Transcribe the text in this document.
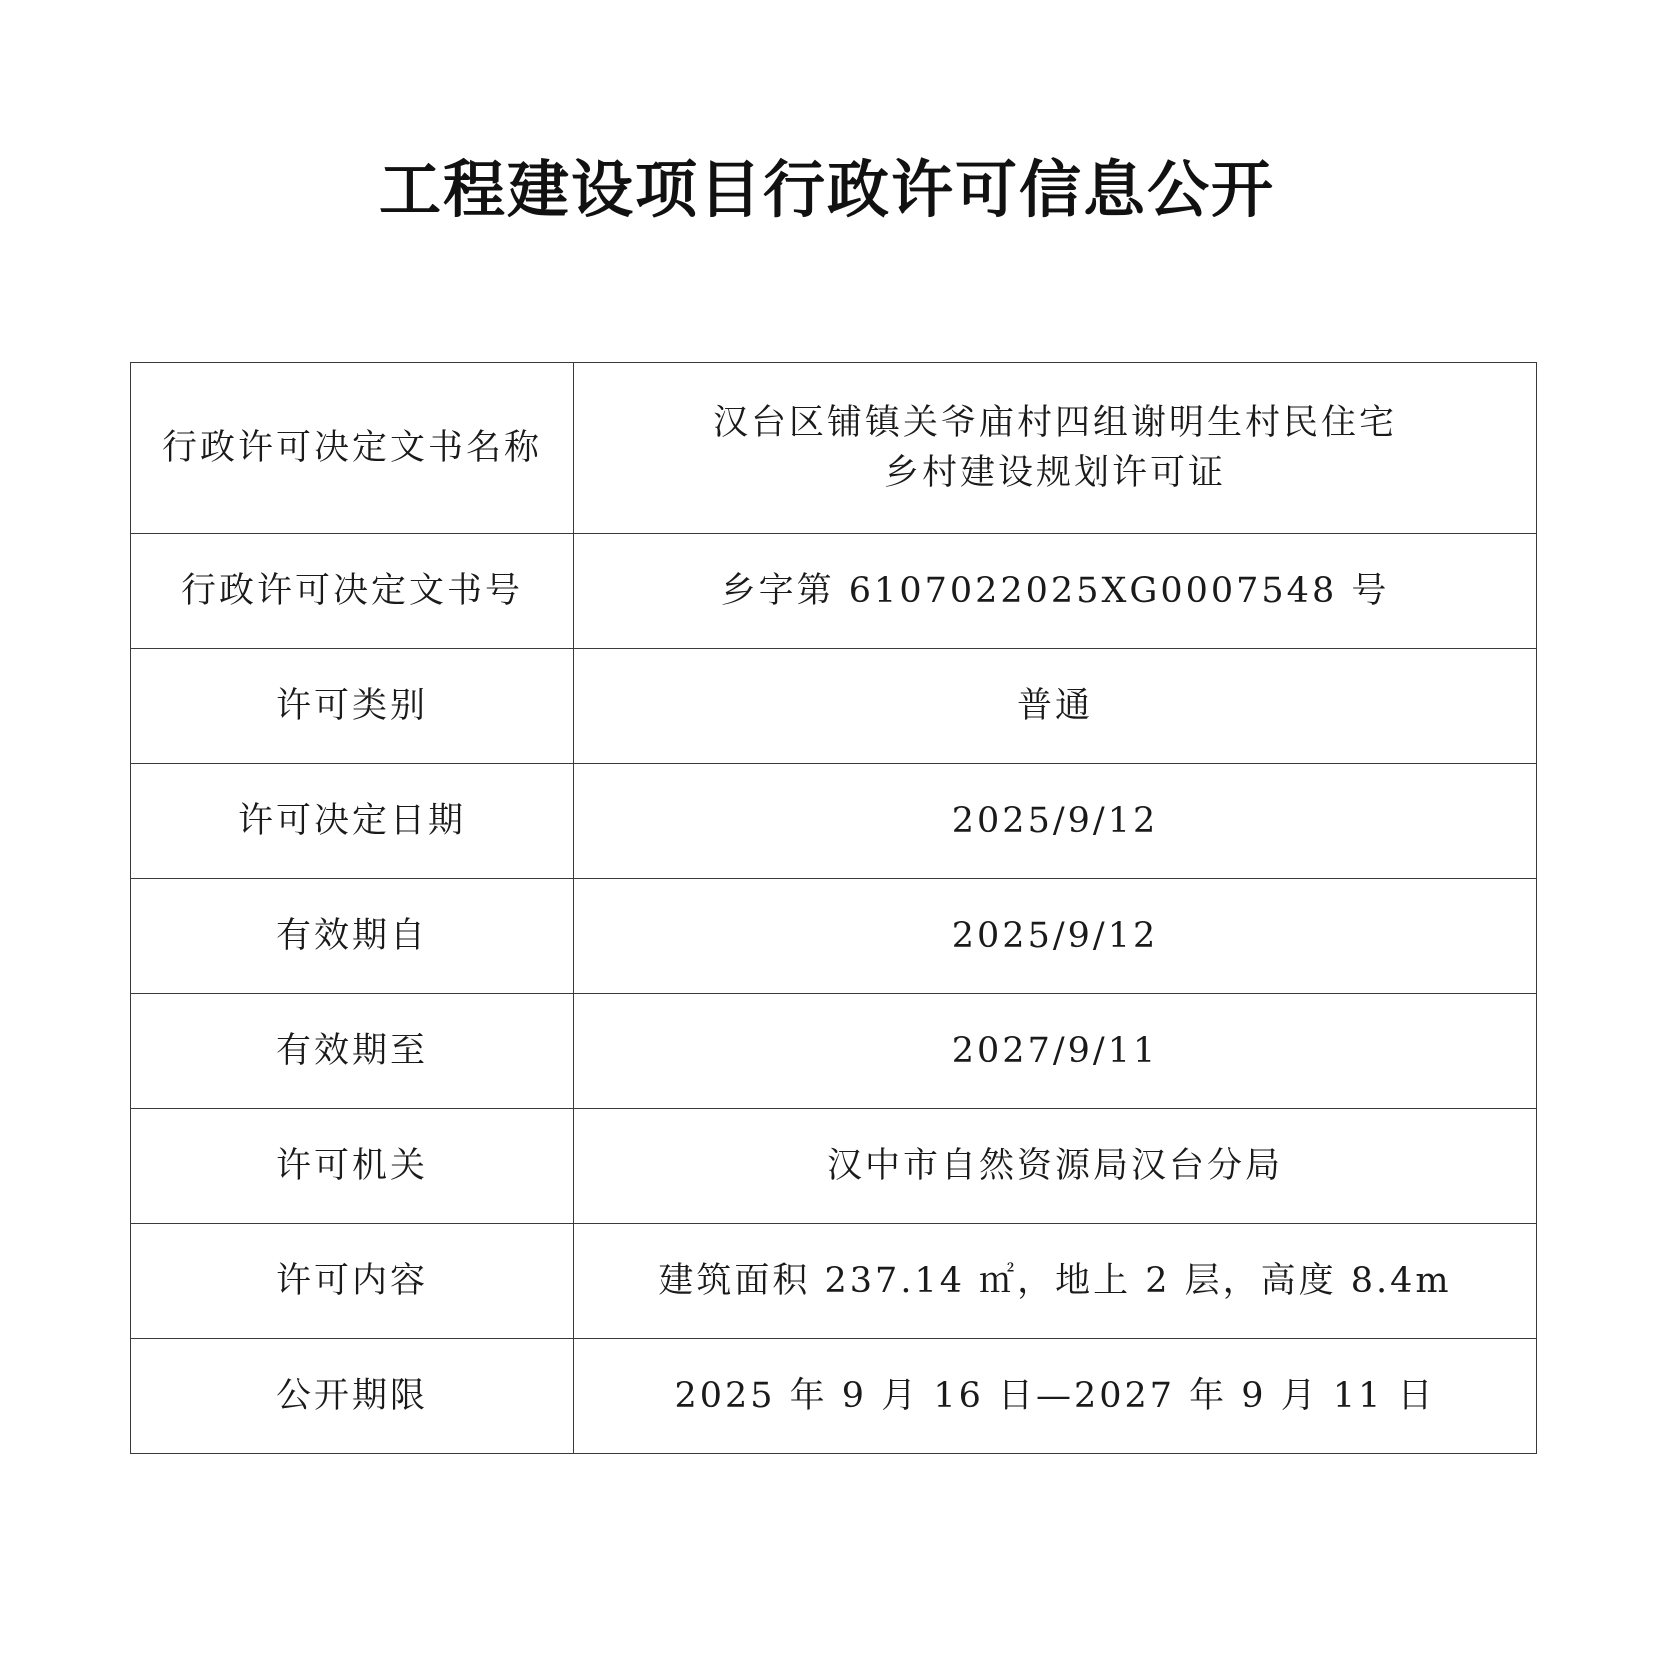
工程建设项目行政许可信息公开
行政许可决定文书名称	汉台区铺镇关爷庙村四组谢明生村民住宅
乡村建设规划许可证

行政许可决定文书号	乡字第 6107022025XG0007548 号
许可类别	普通
许可决定日期	2025/9/12
有效期自	2025/9/12
有效期至	2027/9/11
许可机关	汉中市自然资源局汉台分局
许可内容	建筑面积 237.14 ㎡，地上 2 层，高度 8.4m
公开期限	2025 年 9 月 16 日—2027 年 9 月 11 日
